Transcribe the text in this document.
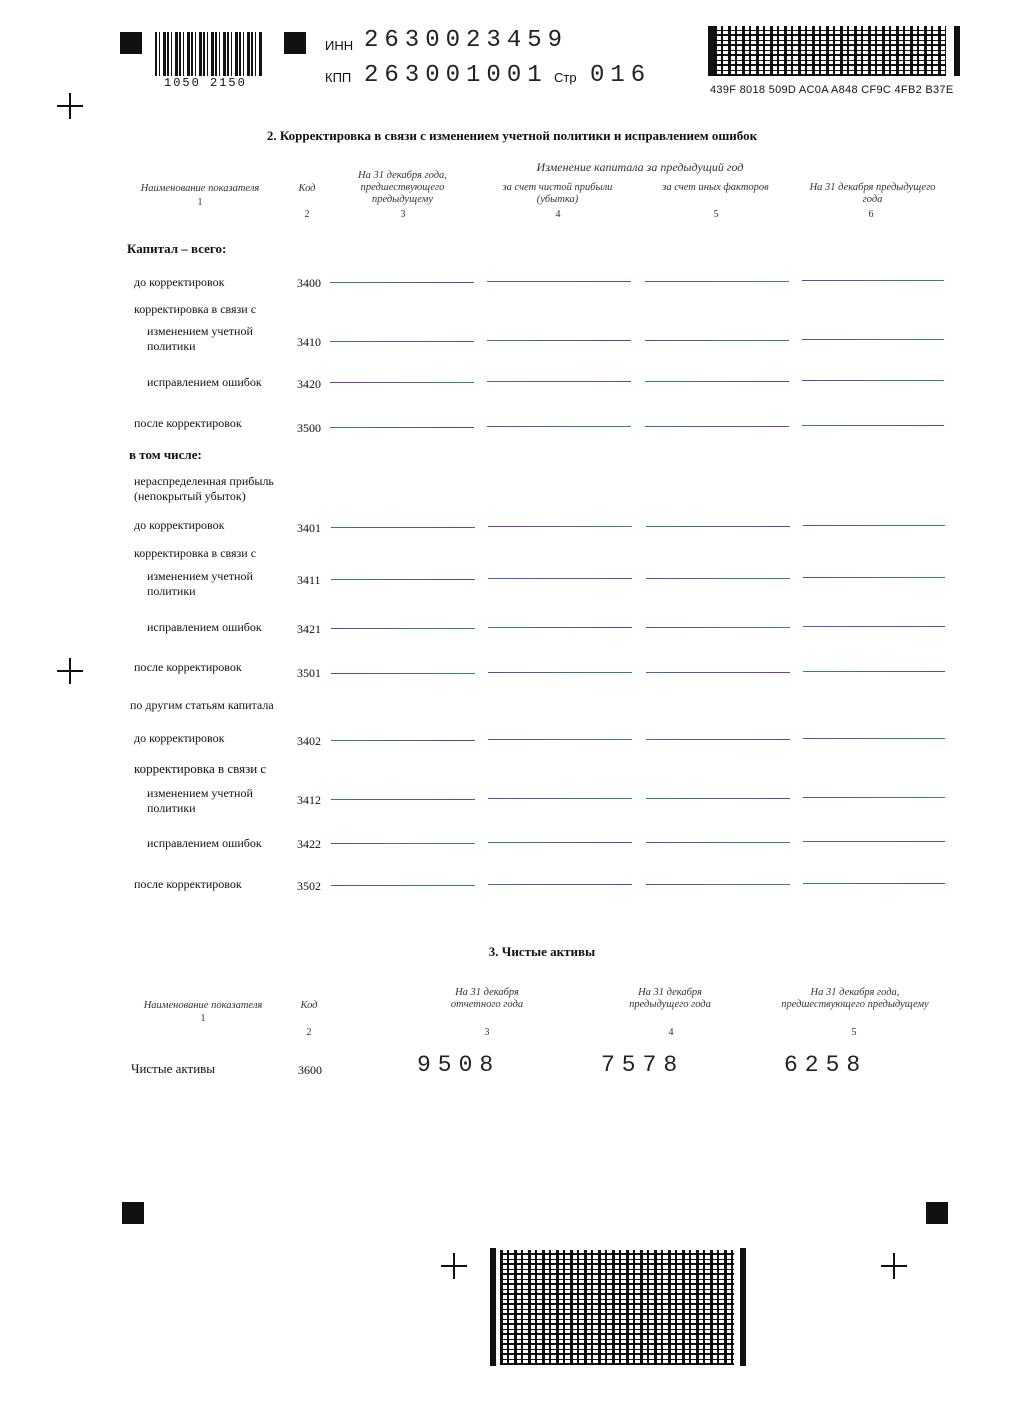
1050 2150
ИНН 2630023459
КПП 263001001 Стр 016
439F 8018 509D AC0A A848 CF9C 4FB2 B37E
2. Корректировка в связи с изменением учетной политики и исправлением ошибок
Изменение капитала за предыдущий год
Наименование показателя	Код
На 31 декабря года, предшествующего предыдущему
за счет чистой прибыли (убытка)
за счет иных факторов	На 31 декабря предыдущего года
1
2	3	4	5	6
Капитал – всего:
до корректировок	3400
корректировка в связи с
изменением учетной политики	3410
исправлением ошибок	3420
после корректировок	3500
в том числе:
нераспределенная прибыль (непокрытый убыток)
до корректировок	3401
корректировка в связи с
изменением учетной политики
3411
исправлением ошибок	3421
после корректировок	3501
по другим статьям капитала
до корректировок	3402
корректировка в связи с
изменением учетной политики
3412
исправлением ошибок	3422
после корректировок	3502
3. Чистые активы
Наименование показателя	Код
На 31 декабря отчетного года
На 31 декабря предыдущего года
На 31 декабря года, предшествующего предыдущему
1
2	3	4	5
Чистые активы	3600	9508	7578	6258
